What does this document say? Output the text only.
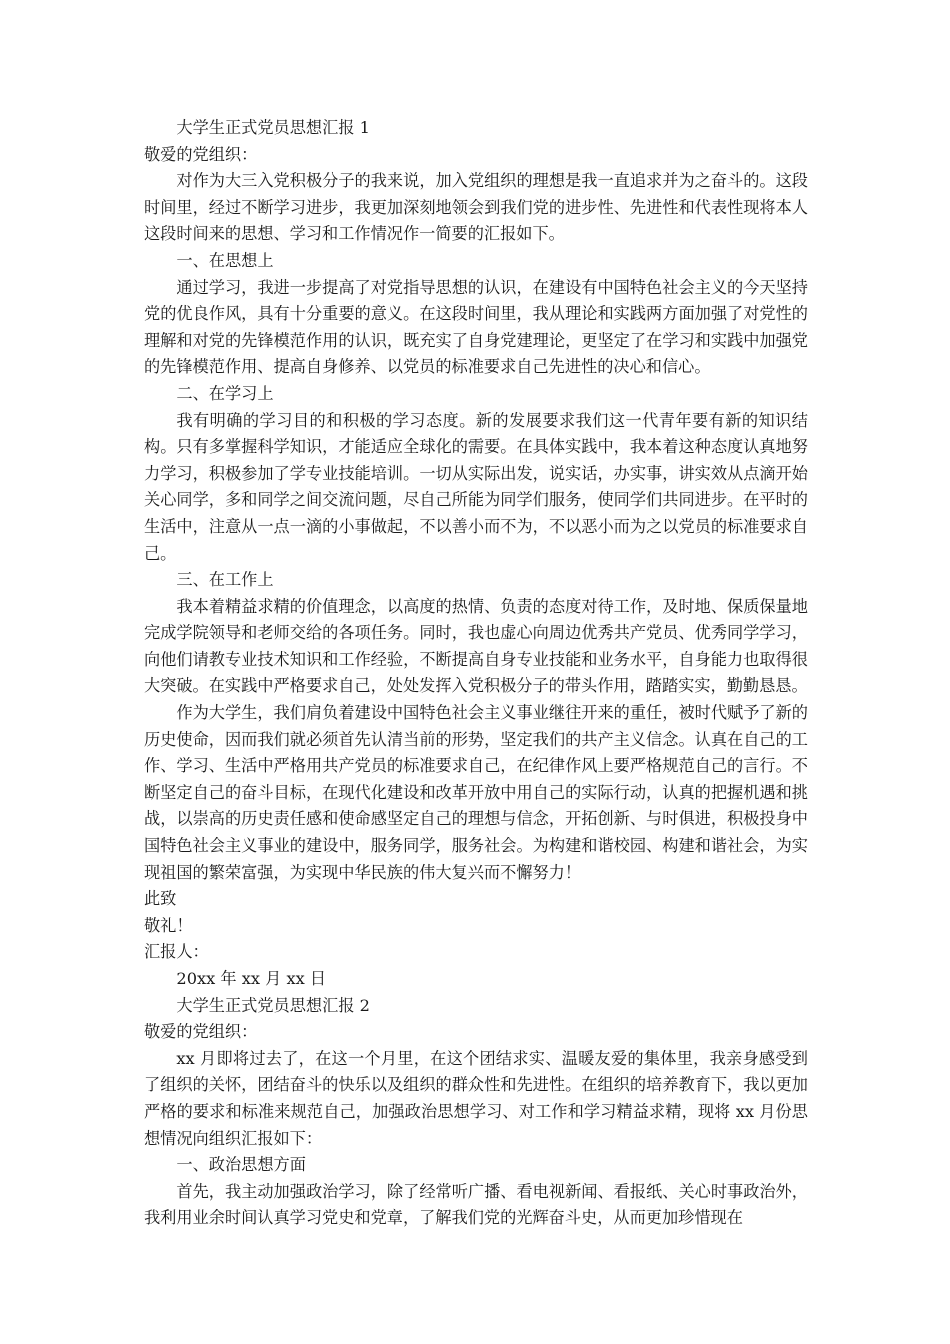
大学生正式党员思想汇报 1

敬爱的党组织：

对作为大三入党积极分子的我来说，加入党组织的理想是我一直追求并为之奋斗的。这段时间里，经过不断学习进步，我更加深刻地领会到我们党的进步性、先进性和代表性现将本人这段时间来的思想、学习和工作情况作一简要的汇报如下。

一、在思想上

通过学习，我进一步提高了对党指导思想的认识，在建设有中国特色社会主义的今天坚持党的优良作风，具有十分重要的意义。在这段时间里，我从理论和实践两方面加强了对党性的理解和对党的先锋模范作用的认识，既充实了自身党建理论，更坚定了在学习和实践中加强党的先锋模范作用、提高自身修养、以党员的标准要求自己先进性的决心和信心。

二、在学习上

我有明确的学习目的和积极的学习态度。新的发展要求我们这一代青年要有新的知识结构。只有多掌握科学知识，才能适应全球化的需要。在具体实践中，我本着这种态度认真地努力学习，积极参加了学专业技能培训。一切从实际出发，说实话，办实事，讲实效从点滴开始关心同学，多和同学之间交流问题，尽自己所能为同学们服务，使同学们共同进步。在平时的生活中，注意从一点一滴的小事做起，不以善小而不为，不以恶小而为之以党员的标准要求自己。

三、在工作上

我本着精益求精的价值理念，以高度的热情、负责的态度对待工作，及时地、保质保量地完成学院领导和老师交给的各项任务。同时，我也虚心向周边优秀共产党员、优秀同学学习，向他们请教专业技术知识和工作经验，不断提高自身专业技能和业务水平，自身能力也取得很大突破。在实践中严格要求自己，处处发挥入党积极分子的带头作用，踏踏实实，勤勤恳恳。

作为大学生，我们肩负着建设中国特色社会主义事业继往开来的重任，被时代赋予了新的历史使命，因而我们就必须首先认清当前的形势，坚定我们的共产主义信念。认真在自己的工作、学习、生活中严格用共产党员的标准要求自己，在纪律作风上要严格规范自己的言行。不断坚定自己的奋斗目标，在现代化建设和改革开放中用自己的实际行动，认真的把握机遇和挑战，以崇高的历史责任感和使命感坚定自己的理想与信念，开拓创新、与时俱进，积极投身中国特色社会主义事业的建设中，服务同学，服务社会。为构建和谐校园、构建和谐社会，为实现祖国的繁荣富强，为实现中华民族的伟大复兴而不懈努力！

此致

敬礼！

汇报人：

20xx 年 xx 月 xx 日

大学生正式党员思想汇报 2

敬爱的党组织：

xx 月即将过去了，在这一个月里，在这个团结求实、温暖友爱的集体里，我亲身感受到了组织的关怀，团结奋斗的快乐以及组织的群众性和先进性。在组织的培养教育下，我以更加严格的要求和标准来规范自己，加强政治思想学习、对工作和学习精益求精，现将 xx 月份思想情况向组织汇报如下：

一、政治思想方面

首先，我主动加强政治学习，除了经常听广播、看电视新闻、看报纸、关心时事政治外，我利用业余时间认真学习党史和党章，了解我们党的光辉奋斗史，从而更加珍惜现在
